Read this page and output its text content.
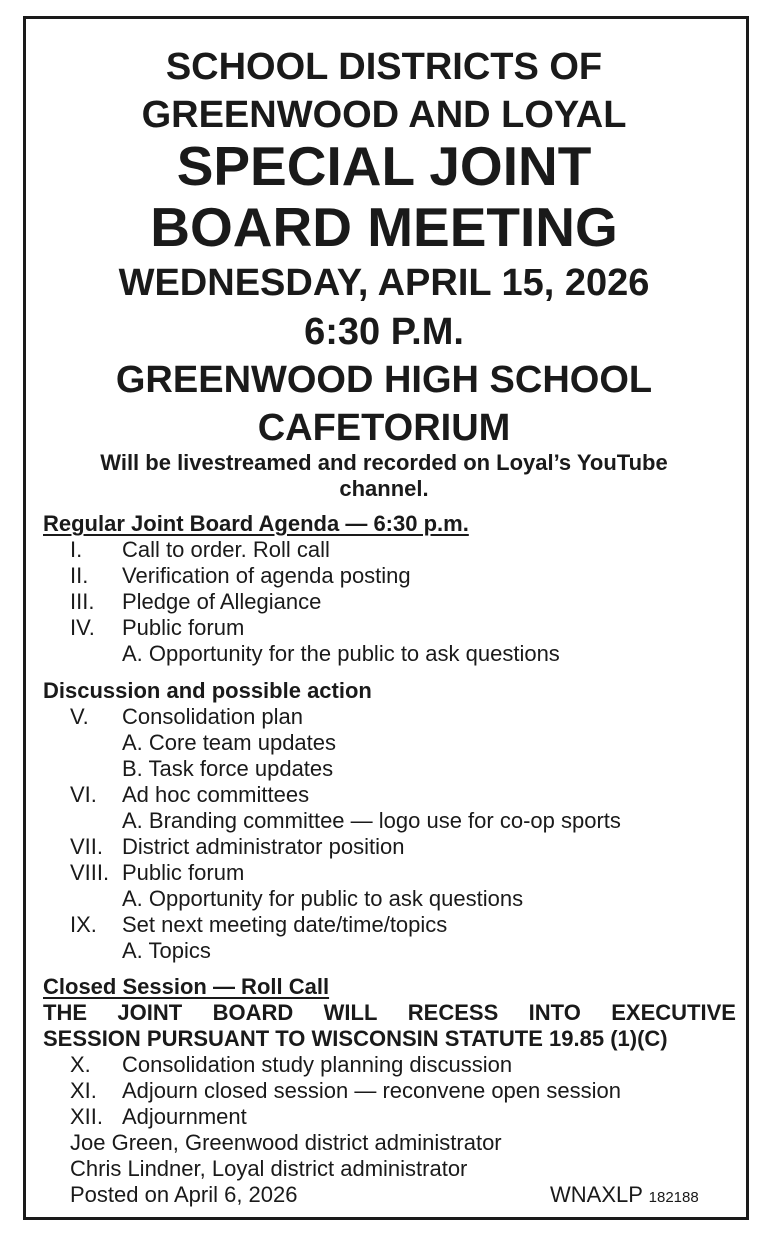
SCHOOL DISTRICTS OF
GREENWOOD AND LOYAL
SPECIAL JOINT
BOARD MEETING
WEDNESDAY, APRIL 15, 2026
6:30 P.M.
GREENWOOD HIGH SCHOOL
CAFETORIUM
Will be livestreamed and recorded on Loyal’s YouTube
channel.
Regular Joint Board Agenda — 6:30 p.m.
I. Call to order. Roll call
II. Verification of agenda posting
III. Pledge of Allegiance
IV. Public forum
A. Opportunity for the public to ask questions
Discussion and possible action
V. Consolidation plan
A. Core team updates
B. Task force updates
VI. Ad hoc committees
A. Branding committee — logo use for co-op sports
VII. District administrator position
VIII. Public forum
A. Opportunity for public to ask questions
IX. Set next meeting date/time/topics
A. Topics
Closed Session — Roll Call
THE JOINT BOARD WILL RECESS INTO EXECUTIVE
SESSION PURSUANT TO WISCONSIN STATUTE 19.85 (1)(C)
X. Consolidation study planning discussion
XI. Adjourn closed session — reconvene open session
XII. Adjournment
Joe Green, Greenwood district administrator
Chris Lindner, Loyal district administrator
Posted on April 6, 2026	WNAXLP 182188
